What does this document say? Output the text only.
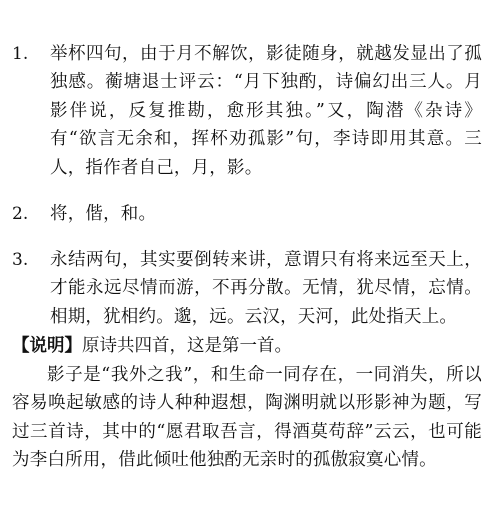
1.	举杯四句，由于月不解饮，影徒随身，就越发显出了孤独感。蘅塘退士评云：“月下独酌，诗偏幻出三人。月影伴说，反复推勘，愈形其独。”又，陶潜《杂诗》有“欲言无余和，挥杯劝孤影”句，李诗即用其意。三人，指作者自己，月，影。

2.	将，偕，和。

3.	永结两句，其实要倒转来讲，意谓只有将来远至天上，才能永远尽情而游，不再分散。无情，犹尽情，忘情。相期，犹相约。邈，远。云汉，天河，此处指天上。

【说明】原诗共四首，这是第一首。

影子是“我外之我”，和生命一同存在，一同消失，所以容易唤起敏感的诗人种种遐想，陶渊明就以形影神为题，写过三首诗，其中的“愿君取吾言，得酒莫苟辞”云云，也可能为李白所用，借此倾吐他独酌无亲时的孤傲寂寞心情。
